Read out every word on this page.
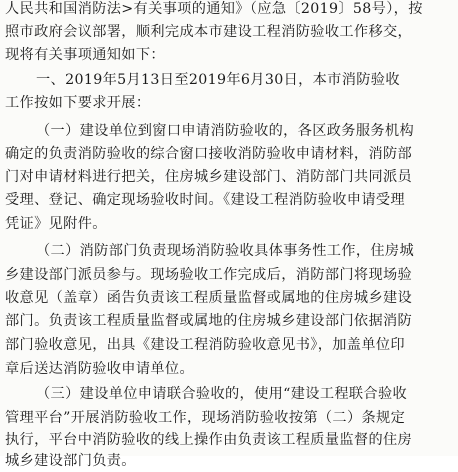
人民共和国消防法>有关事项的通知》（应急〔2019〕58号），按
照市政府会议部署，顺利完成本市建设工程消防验收工作移交，
现将有关事项通知如下：
一、2019年5月13日至2019年6月30日，本市消防验收
工作按如下要求开展：
（一）建设单位到窗口申请消防验收的，各区政务服务机构
确定的负责消防验收的综合窗口接收消防验收申请材料，消防部
门对申请材料进行把关，住房城乡建设部门、消防部门共同派员
受理、登记、确定现场验收时间。《建设工程消防验收申请受理
凭证》见附件。
（二）消防部门负责现场消防验收具体事务性工作，住房城
乡建设部门派员参与。现场验收工作完成后，消防部门将现场验
收意见（盖章）函告负责该工程质量监督或属地的住房城乡建设
部门。负责该工程质量监督或属地的住房城乡建设部门依据消防
部门验收意见，出具《建设工程消防验收意见书》，加盖单位印
章后送达消防验收申请单位。
（三）建设单位申请联合验收的，使用“建设工程联合验收
管理平台”开展消防验收工作，现场消防验收按第（二）条规定
执行，平台中消防验收的线上操作由负责该工程质量监督的住房
城乡建设部门负责。
